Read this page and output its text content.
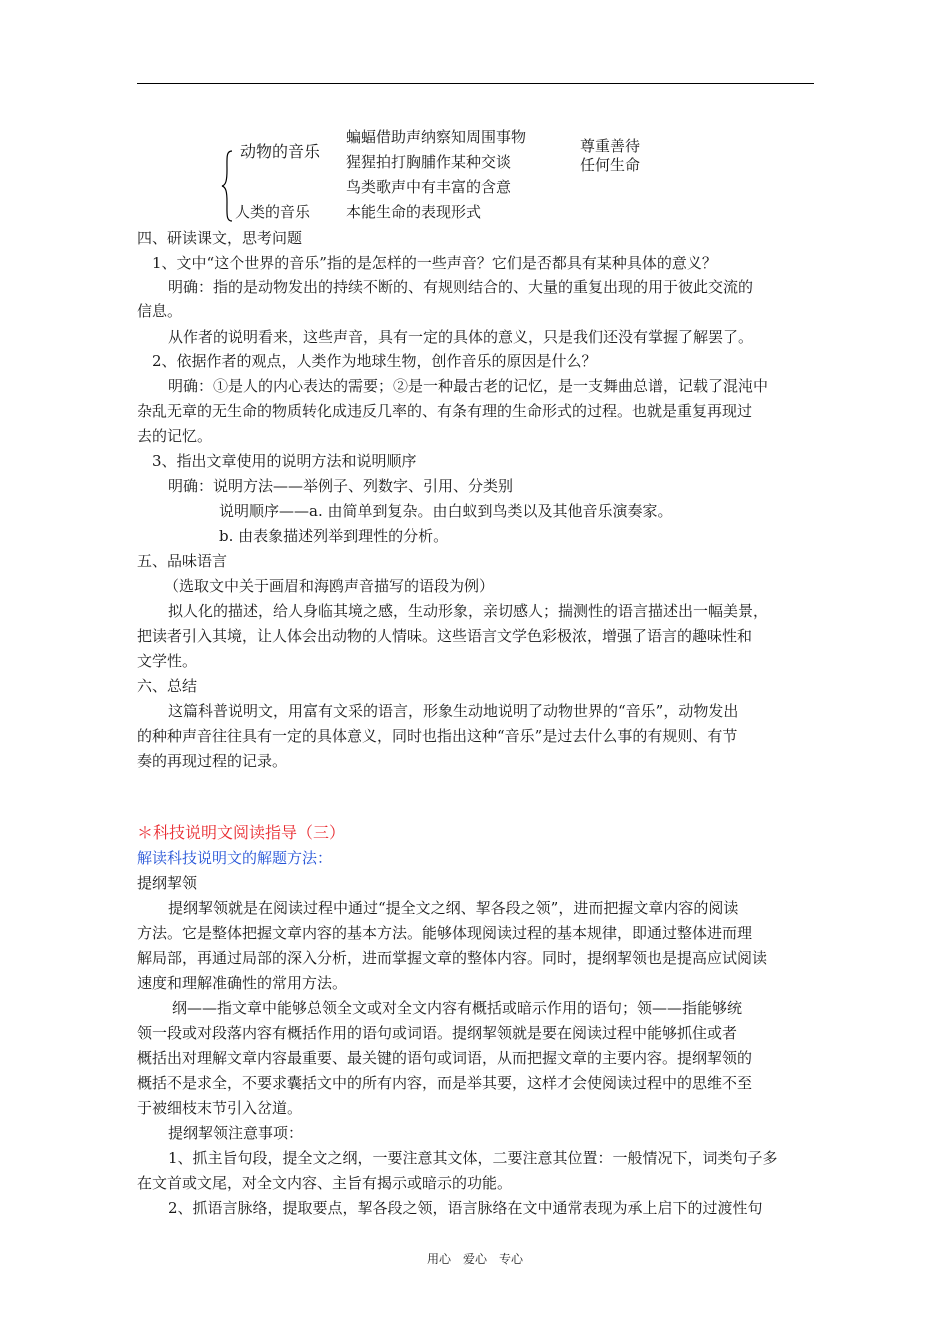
动物的音乐
人类的音乐
蝙蝠借助声纳察知周围事物
猩猩拍打胸脯作某种交谈
鸟类歌声中有丰富的含意
本能生命的表现形式
尊重善待
任何生命
四、研读课文，思考问题
1、文中“这个世界的音乐”指的是怎样的一些声音？它们是否都具有某种具体的意义？
明确：指的是动物发出的持续不断的、有规则结合的、大量的重复出现的用于彼此交流的
信息。
从作者的说明看来，这些声音，具有一定的具体的意义，只是我们还没有掌握了解罢了。
2、依据作者的观点，人类作为地球生物，创作音乐的原因是什么？
明确：①是人的内心表达的需要；②是一种最古老的记忆，是一支舞曲总谱，记载了混沌中
杂乱无章的无生命的物质转化成违反几率的、有条有理的生命形式的过程。也就是重复再现过
去的记忆。
3、指出文章使用的说明方法和说明顺序
明确：说明方法——举例子、列数字、引用、分类别
说明顺序——a. 由简单到复杂。由白蚁到鸟类以及其他音乐演奏家。
b. 由表象描述列举到理性的分析。
五、品味语言
（选取文中关于画眉和海鸥声音描写的语段为例）
拟人化的描述，给人身临其境之感，生动形象，亲切感人；揣测性的语言描述出一幅美景，
把读者引入其境，让人体会出动物的人情味。这些语言文学色彩极浓，增强了语言的趣味性和
文学性。
六、总结
这篇科普说明文，用富有文采的语言，形象生动地说明了动物世界的“音乐”，动物发出
的种种声音往往具有一定的具体意义，同时也指出这种“音乐”是过去什么事的有规则、有节
奏的再现过程的记录。
＊科技说明文阅读指导（三）
解读科技说明文的解题方法：
提纲挈领
提纲挈领就是在阅读过程中通过“提全文之纲、挈各段之领”，进而把握文章内容的阅读
方法。它是整体把握文章内容的基本方法。能够体现阅读过程的基本规律，即通过整体进而理
解局部，再通过局部的深入分析，进而掌握文章的整体内容。同时，提纲挈领也是提高应试阅读
速度和理解准确性的常用方法。
纲——指文章中能够总领全文或对全文内容有概括或暗示作用的语句；领——指能够统
领一段或对段落内容有概括作用的语句或词语。提纲挈领就是要在阅读过程中能够抓住或者
概括出对理解文章内容最重要、最关键的语句或词语，从而把握文章的主要内容。提纲挈领的
概括不是求全，不要求囊括文中的所有内容，而是举其要，这样才会使阅读过程中的思维不至
于被细枝末节引入岔道。
提纲挈领注意事项：
1、抓主旨句段，提全文之纲，一要注意其文体，二要注意其位置：一般情况下，词类句子多
在文首或文尾，对全文内容、主旨有揭示或暗示的功能。
2、抓语言脉络，提取要点，挈各段之领，语言脉络在文中通常表现为承上启下的过渡性句
用心　爱心　专心
